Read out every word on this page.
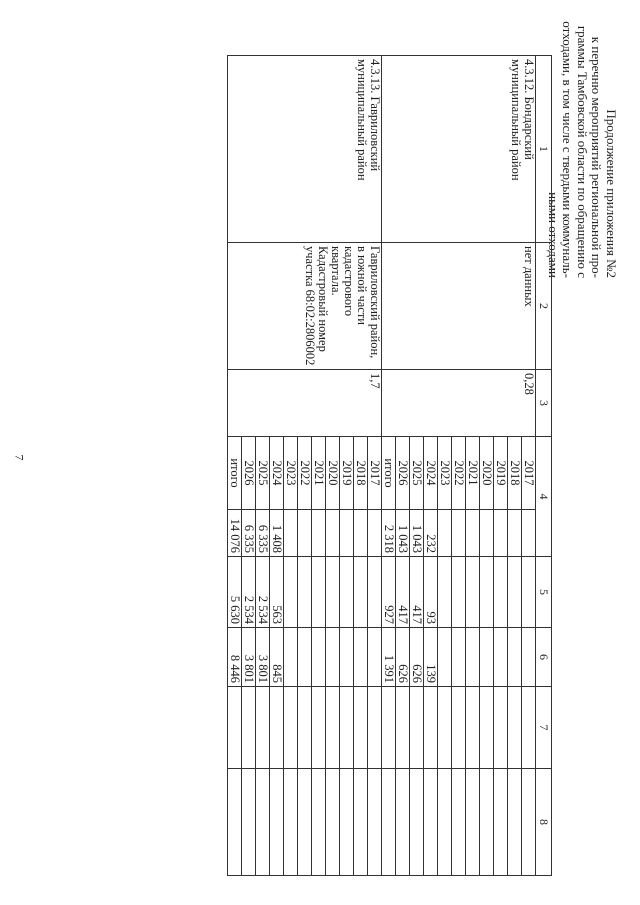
7
Продолжение приложения №2
к перечню мероприятий региональной про-
граммы Тамбовской области по обращению с
отходами, в том числе с твердыми коммуналь-
ными отходами
1	2	3	4		5	6	7	8
4.3.12. Бондарский муниципальный район	нет данных	0,28	2017					
			2018					
			2019					
			2020					
			2021					
			2022					
			2023					
			2024	232	93	139		
			2025	1 043	417	626		
			2026	1 043	417	626		
			итого	2 318	927	1 391		
4.3.13. Гавриловский муниципальный район	Гавриловский район, в южной части кадастрового квартала. Кадастровый номер участка 68:02:2806002	1,7	2017					
			2018					
			2019					
			2020					
			2021					
			2022					
			2023					
			2024	1 408	563	845		
			2025	6 335	2 534	3 801		
			2026	6 335	2 534	3 801		
			итого	14 076	5 630	8 446		
